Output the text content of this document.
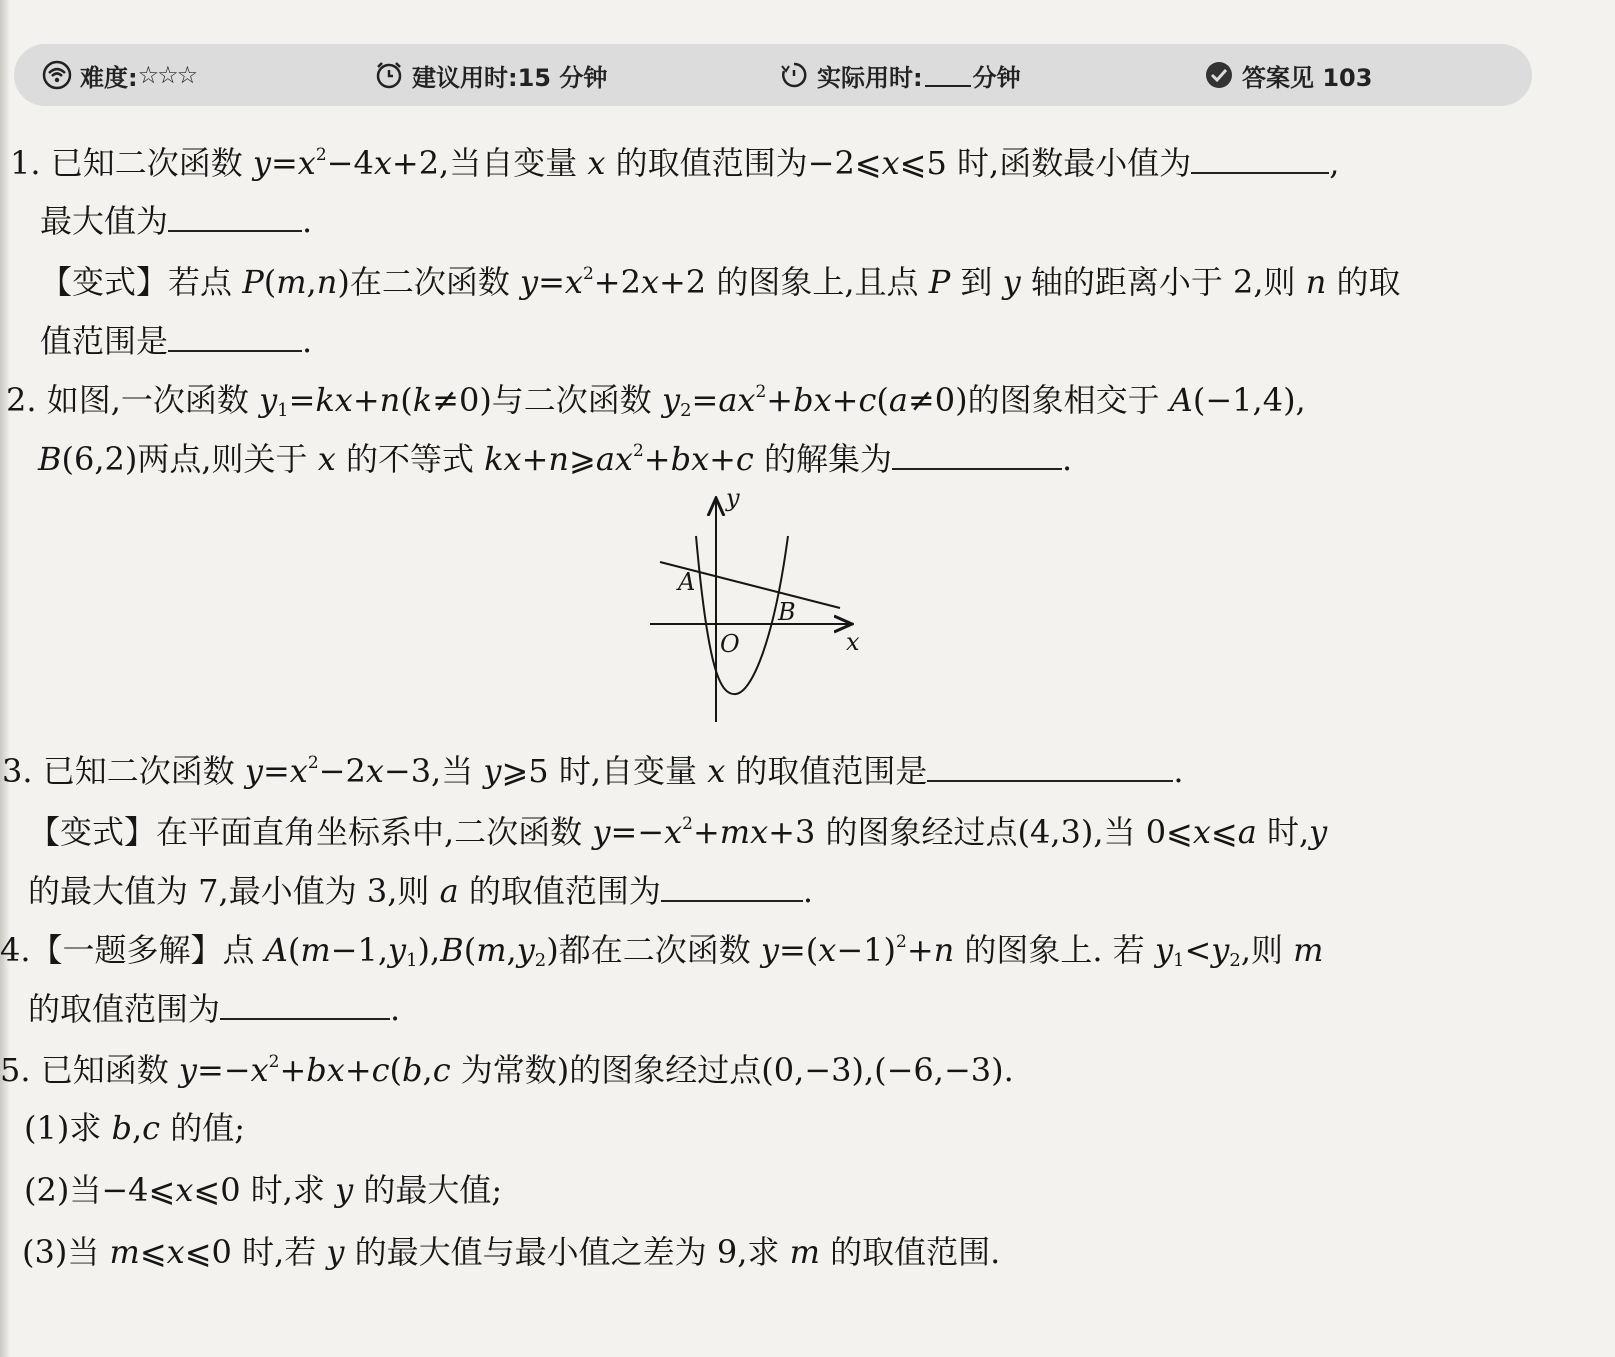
难度: ☆☆☆	建议用时:15 分钟	实际用时: 分钟	答案见 103
1. 已知二次函数 $y=x^2-4x+2$,当自变量 x 的取值范围为−2⩽x⩽5 时,函数最小值为	,
最大值为	.
【变式】若点 P(m,n)在二次函数 $y=x^2+2x+2$ 的图象上,且点 P 到 y 轴的距离小于 2,则 n 的取
值范围是	.
2. 如图,一次函数 $y_1=kx+n(k\ne 0)$与二次函数 $y_2=ax^2+bx+c(a\ne 0)$的图象相交于 A(−1,4),
B(6,2)两点,则关于 x 的不等式 $kx+n⩾ax^2+bx+c$ 的解集为	.
y
x
O
A
B
3. 已知二次函数 $y=x^2-2x-3$,当 y⩾5 时,自变量 x 的取值范围是	.
【变式】在平面直角坐标系中,二次函数 $y=-x^2+mx+3$ 的图象经过点(4,3),当 0⩽x⩽a 时,y
的最大值为 7,最小值为 3,则 a 的取值范围为	.
4.【一题多解】点 $A(m-1,y_1),B(m,y_2)$都在二次函数 $y=(x-1)^2+n$ 的图象上. 若 $y_1<y_2$,则 m
的取值范围为	.
5. 已知函数 $y=-x^2+bx+c(b,c$ 为常数)的图象经过点(0,−3),(−6,−3).
(1)求 b,c 的值;
(2)当−4⩽x⩽0 时,求 y 的最大值;
(3)当 m⩽x⩽0 时,若 y 的最大值与最小值之差为 9,求 m 的取值范围.
